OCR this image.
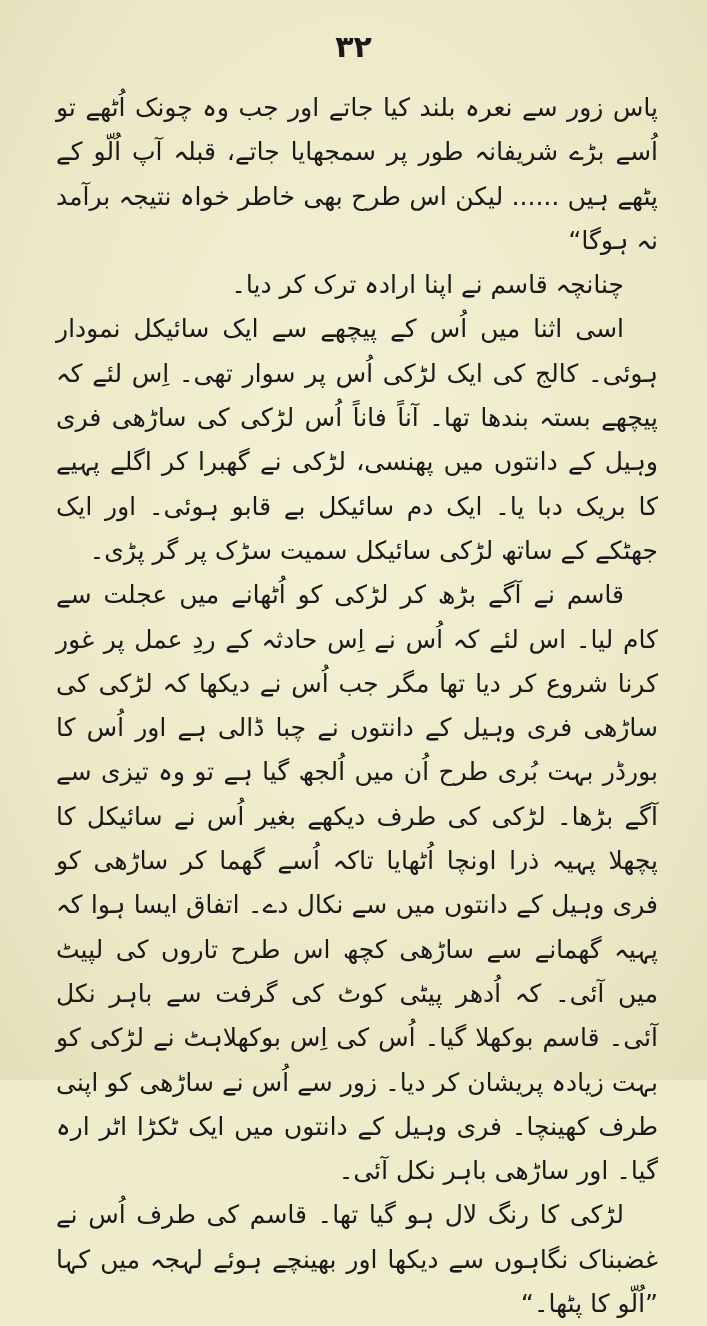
۳۲

پاس زور سے نعرہ بلند کیا جاتے اور جب وہ چونک اُٹھے تو اُسے بڑے شریفانہ طور پر سمجھایا جاتے، قبلہ آپ اُلّو کے پٹھے ہیں ...... لیکن اس طرح بھی خاطر خواہ نتیجہ برآمد نہ ہوگا“

چنانچہ قاسم نے اپنا ارادہ ترک کر دیا۔

اسی اثنا میں اُس کے پیچھے سے ایک سائیکل نمودار ہوئی۔ کالج کی ایک لڑکی اُس پر سوار تھی۔ اِس لئے کہ پیچھے بستہ بندھا تھا۔ آناً فاناً اُس لڑکی کی ساڑھی فری وہیل کے دانتوں میں پھنسی، لڑکی نے گھبرا کر اگلے پہیے کا بریک دبا یا۔ ایک دم سائیکل بے قابو ہوئی۔ اور ایک جھٹکے کے ساتھ لڑکی سائیکل سمیت سڑک پر گر پڑی۔

قاسم نے آگے بڑھ کر لڑکی کو اُٹھانے میں عجلت سے کام لیا۔ اس لئے کہ اُس نے اِس حادثہ کے ردِ عمل پر غور کرنا شروع کر دیا تھا مگر جب اُس نے دیکھا کہ لڑکی کی ساڑھی فری وہیل کے دانتوں نے چبا ڈالی ہے اور اُس کا بورڈر بہت بُری طرح اُن میں اُلجھ گیا ہے تو وہ تیزی سے آگے بڑھا۔ لڑکی کی طرف دیکھے بغیر اُس نے سائیکل کا پچھلا پہیہ ذرا اونچا اُٹھایا تاکہ اُسے گھما کر ساڑھی کو فری وہیل کے دانتوں میں سے نکال دے۔ اتفاق ایسا ہوا کہ پہیہ گھمانے سے ساڑھی کچھ اس طرح تاروں کی لپیٹ میں آئی۔ کہ اُدھر پیٹی کوٹ کی گرفت سے باہر نکل آئی۔ قاسم بوکھلا گیا۔ اُس کی اِس بوکھلاہٹ نے لڑکی کو بہت زیادہ پریشان کر دیا۔ زور سے اُس نے ساڑھی کو اپنی طرف کھینچا۔ فری وہیل کے دانتوں میں ایک ٹکڑا اٹر ارہ گیا۔ اور ساڑھی باہر نکل آئی۔

لڑکی کا رنگ لال ہو گیا تھا۔ قاسم کی طرف اُس نے غضبناک نگاہوں سے دیکھا اور بھینچے ہوئے لہجہ میں کہا ”اُلّو کا پٹھا۔“
